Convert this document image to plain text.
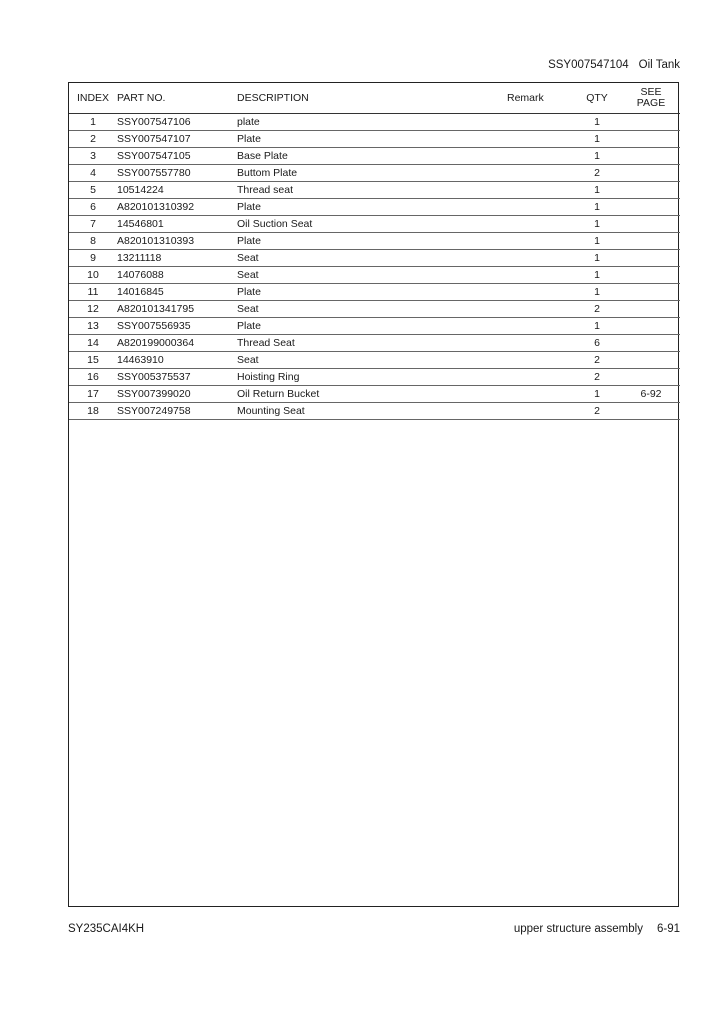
SSY007547104 Oil Tank
INDEX	PART NO.	DESCRIPTION	Remark	QTY	SEE
PAGE
1	SSY007547106	plate		1	
2	SSY007547107	Plate		1	
3	SSY007547105	Base Plate		1	
4	SSY007557780	Buttom Plate		2	
5	10514224	Thread seat		1	
6	A820101310392	Plate		1	
7	14546801	Oil Suction Seat		1	
8	A820101310393	Plate		1	
9	13211118	Seat		1	
10	14076088	Seat		1	
11	14016845	Plate		1	
12	A820101341795	Seat		2	
13	SSY007556935	Plate		1	
14	A820199000364	Thread Seat		6	
15	14463910	Seat		2	
16	SSY005375537	Hoisting Ring		2	
17	SSY007399020	Oil Return Bucket		1	6-92
18	SSY007249758	Mounting Seat		2	
SY235CAI4KH	upper structure assembly 6-91
